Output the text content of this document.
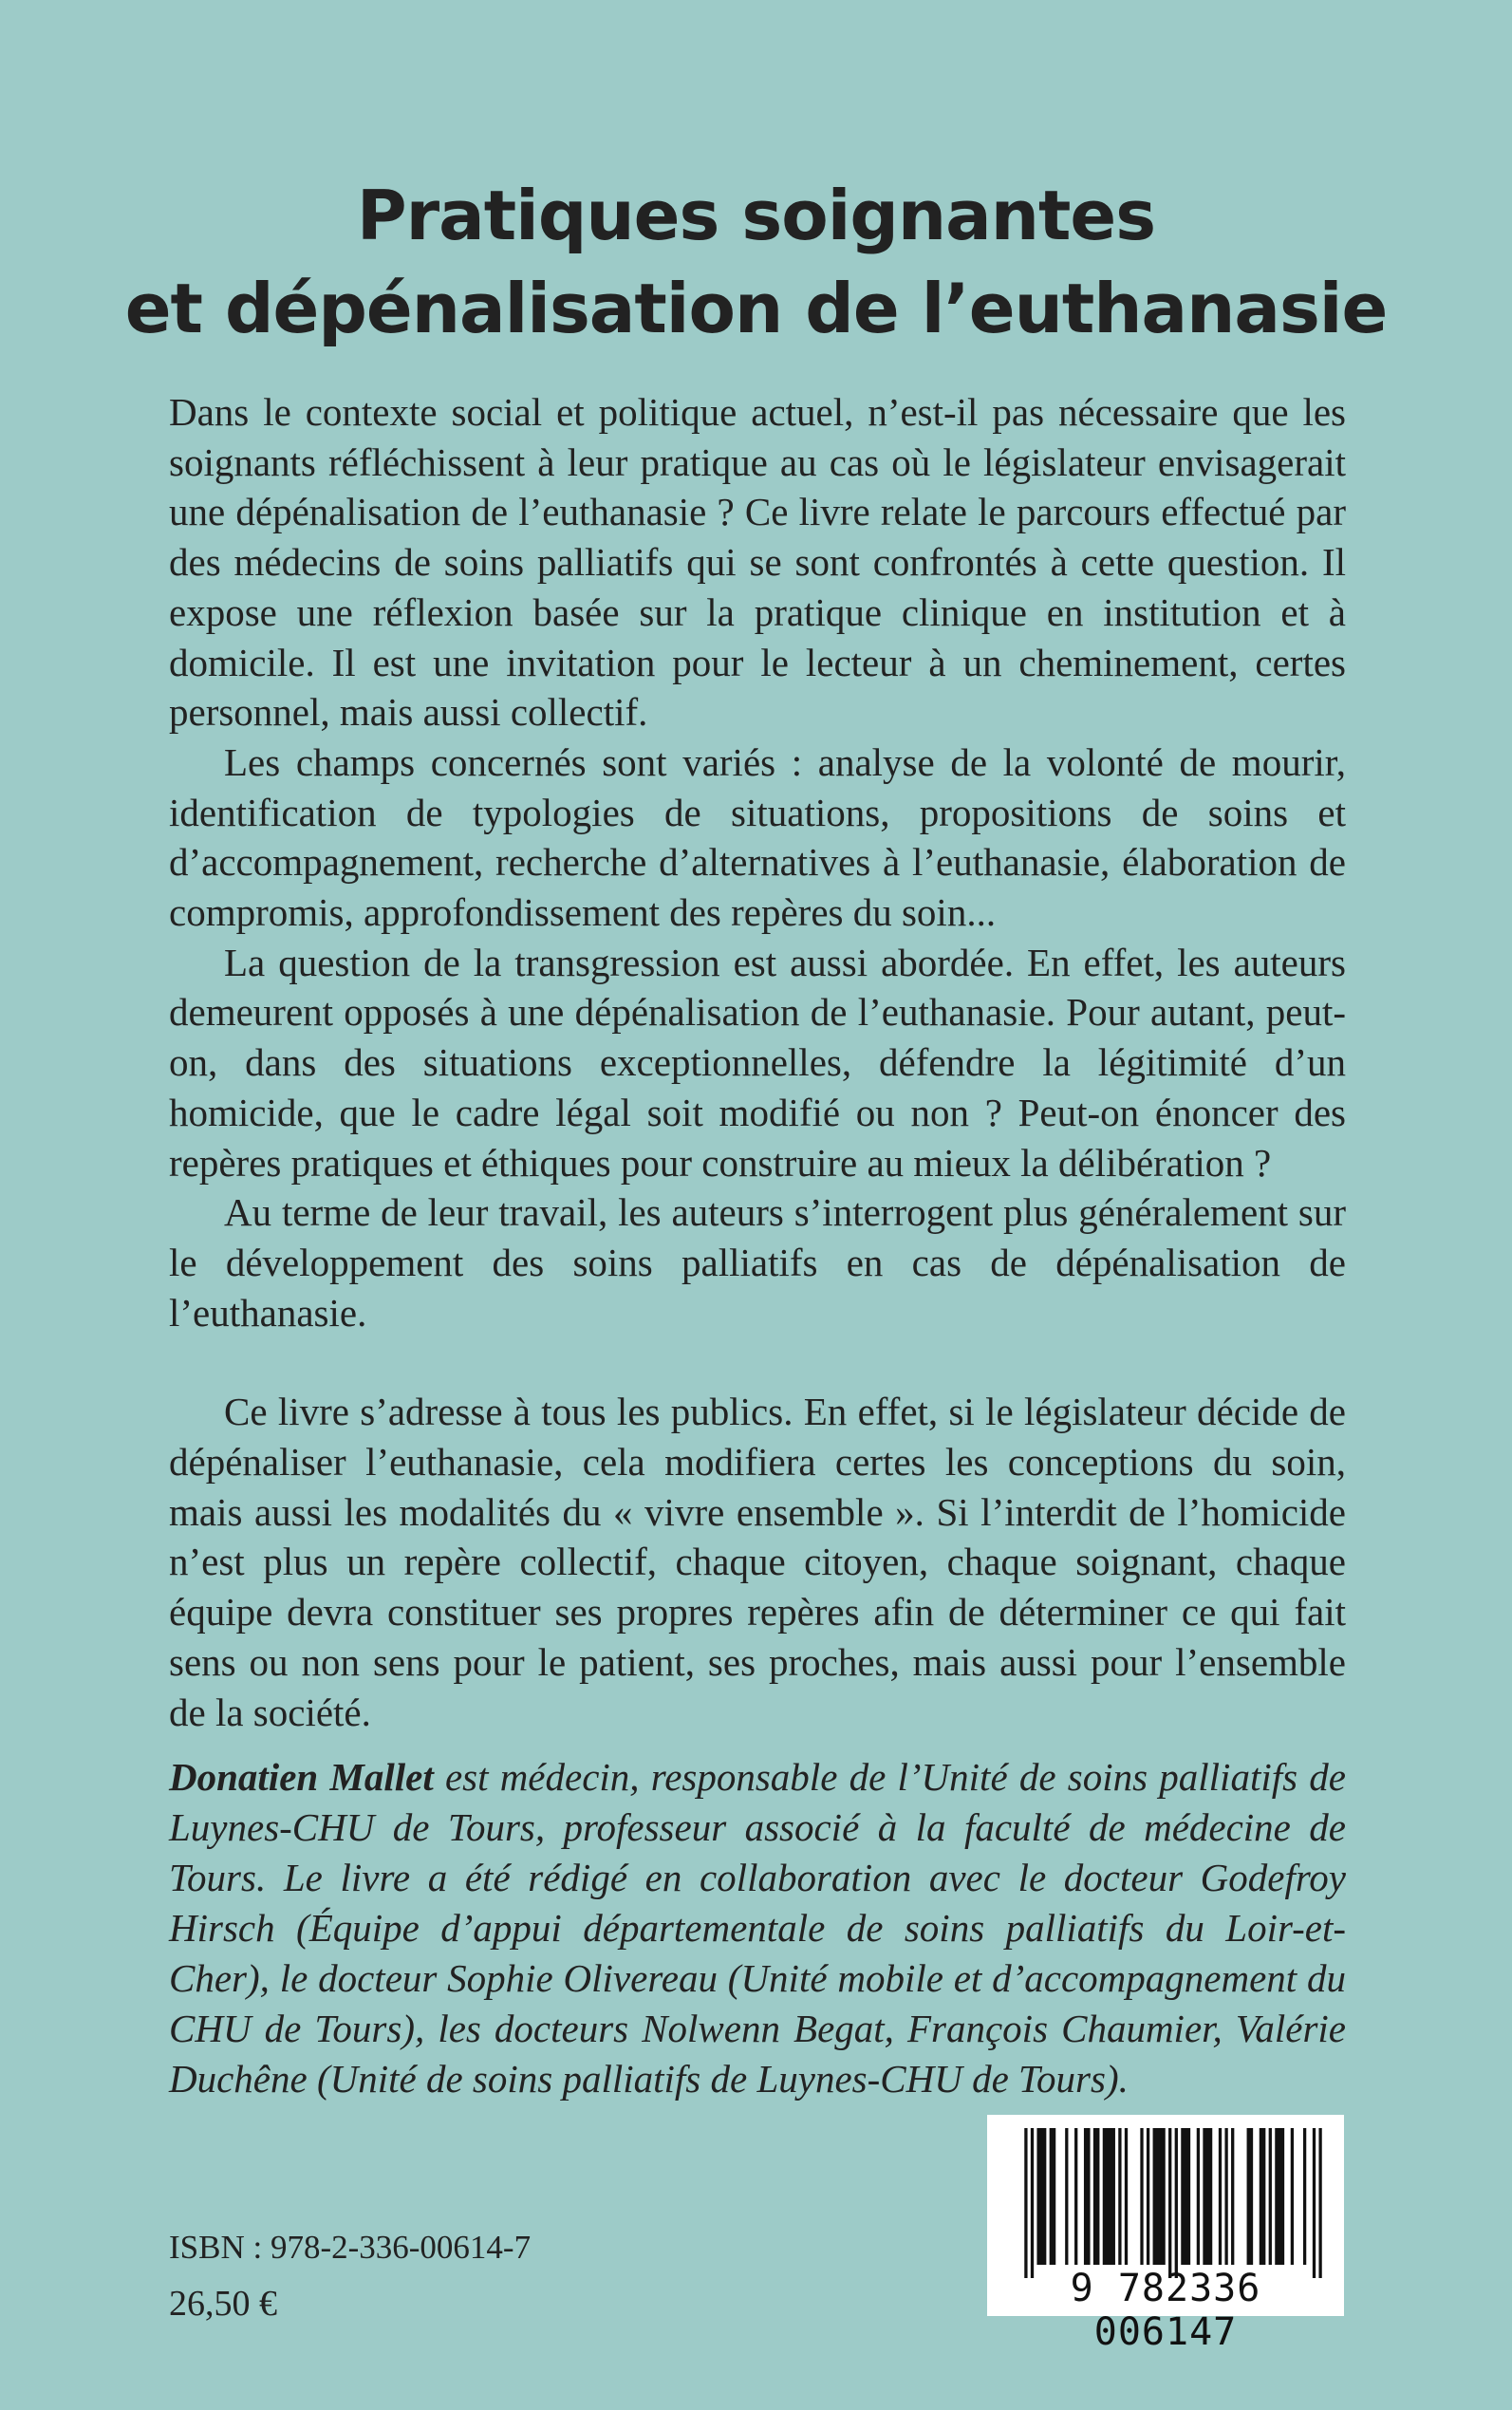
Pratiques soignantes
et dépénalisation de l’euthanasie

Dans le contexte social et politique actuel, n’est-il pas nécessaire que les soignants réfléchissent à leur pratique au cas où le législateur envisagerait une dépénalisation de l’euthanasie ? Ce livre relate le parcours effectué par des médecins de soins palliatifs qui se sont confrontés à cette question. Il expose une réflexion basée sur la pratique clinique en institution et à domicile. Il est une invitation pour le lecteur à un cheminement, certes personnel, mais aussi collectif.

Les champs concernés sont variés : analyse de la volonté de mourir, identification de typologies de situations, propositions de soins et d’accompagnement, recherche d’alternatives à l’euthanasie, élaboration de compromis, approfondissement des repères du soin...

La question de la transgression est aussi abordée. En effet, les auteurs demeurent opposés à une dépénalisation de l’euthanasie. Pour autant, peut-on, dans des situations exceptionnelles, défendre la légitimité d’un homicide, que le cadre légal soit modifié ou non ? Peut-on énoncer des repères pratiques et éthiques pour construire au mieux la délibération ?

Au terme de leur travail, les auteurs s’interrogent plus généralement sur le développement des soins palliatifs en cas de dépénalisation de l’euthanasie.

Ce livre s’adresse à tous les publics. En effet, si le législateur décide de dépénaliser l’euthanasie, cela modifiera certes les conceptions du soin, mais aussi les modalités du « vivre ensemble ». Si l’interdit de l’homicide n’est plus un repère collectif, chaque citoyen, chaque soignant, chaque équipe devra constituer ses propres repères afin de déterminer ce qui fait sens ou non sens pour le patient, ses proches, mais aussi pour l’ensemble de la société.

Donatien Mallet est médecin, responsable de l’Unité de soins palliatifs de Luynes-CHU de Tours, professeur associé à la faculté de médecine de Tours. Le livre a été rédigé en collaboration avec le docteur Godefroy Hirsch (Équipe d’appui départementale de soins palliatifs du Loir-et-Cher), le docteur Sophie Olivereau (Unité mobile et d’accompagnement du CHU de Tours), les docteurs Nolwenn Begat, François Chaumier, Valérie Duchêne (Unité de soins palliatifs de Luynes-CHU de Tours).
ISBN : 978-2-336-00614-7
26,50 €	9 782336 006147
